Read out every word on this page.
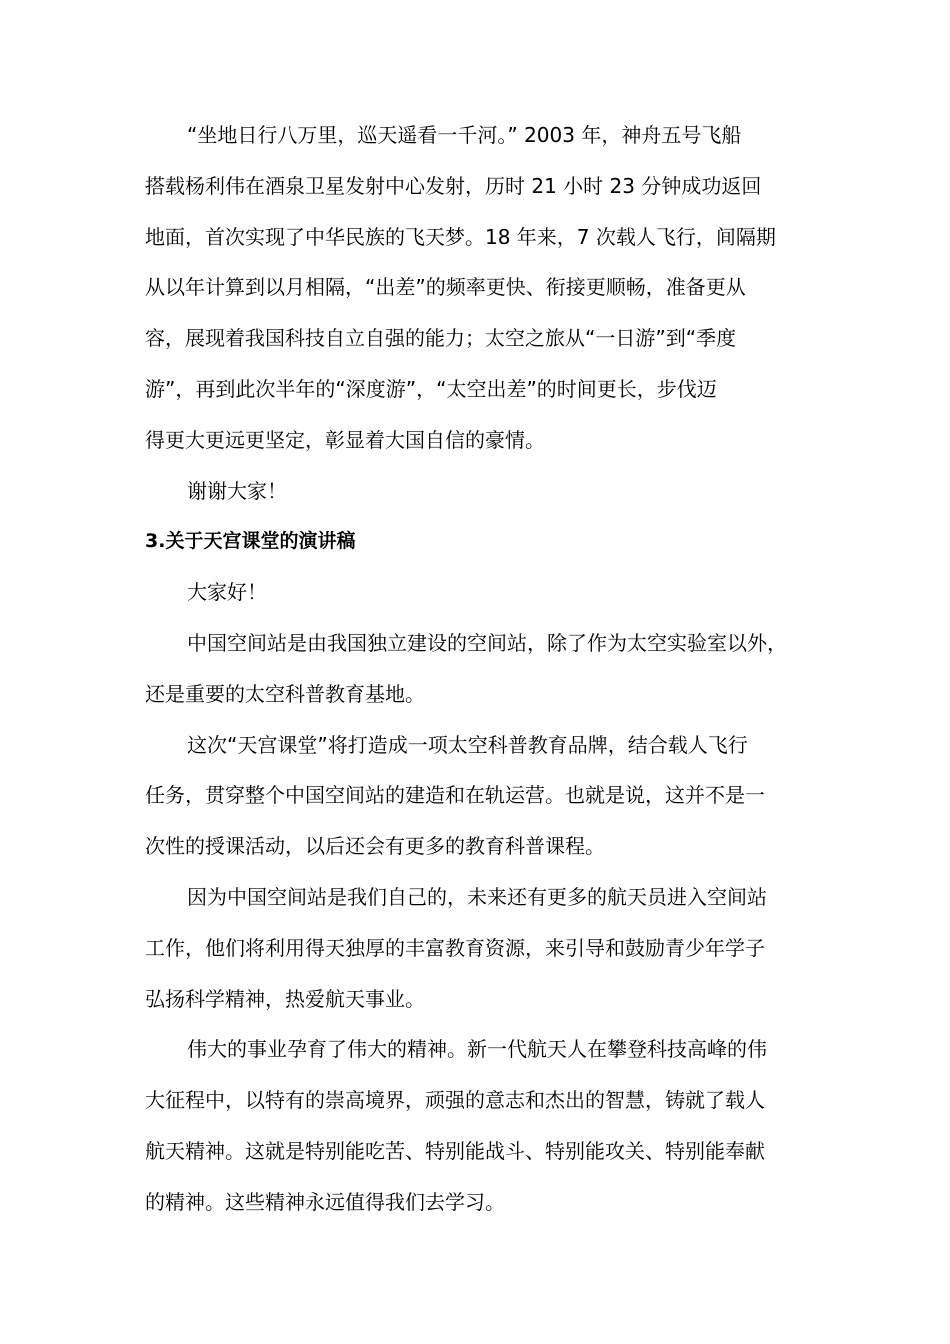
“坐地日行八万里，巡天遥看一千河。” 2003 年，神舟五号飞船
搭载杨利伟在酒泉卫星发射中心发射，历时 21 小时 23 分钟成功返回
地面，首次实现了中华民族的飞天梦。18 年来，7 次载人飞行，间隔期
从以年计算到以月相隔，“出差”的频率更快、衔接更顺畅，准备更从
容，展现着我国科技自立自强的能力；太空之旅从“一日游”到“季度
游”，再到此次半年的“深度游”，“太空出差”的时间更长，步伐迈
得更大更远更坚定，彰显着大国自信的豪情。
谢谢大家！
3.关于天宫课堂的演讲稿
大家好！
中国空间站是由我国独立建设的空间站，除了作为太空实验室以外，
还是重要的太空科普教育基地。
这次“天宫课堂”将打造成一项太空科普教育品牌，结合载人飞行
任务，贯穿整个中国空间站的建造和在轨运营。也就是说，这并不是一
次性的授课活动，以后还会有更多的教育科普课程。
因为中国空间站是我们自己的，未来还有更多的航天员进入空间站
工作，他们将利用得天独厚的丰富教育资源，来引导和鼓励青少年学子
弘扬科学精神，热爱航天事业。
伟大的事业孕育了伟大的精神。新一代航天人在攀登科技高峰的伟
大征程中，以特有的崇高境界，顽强的意志和杰出的智慧，铸就了载人
航天精神。这就是特别能吃苦、特别能战斗、特别能攻关、特别能奉献
的精神。这些精神永远值得我们去学习。
